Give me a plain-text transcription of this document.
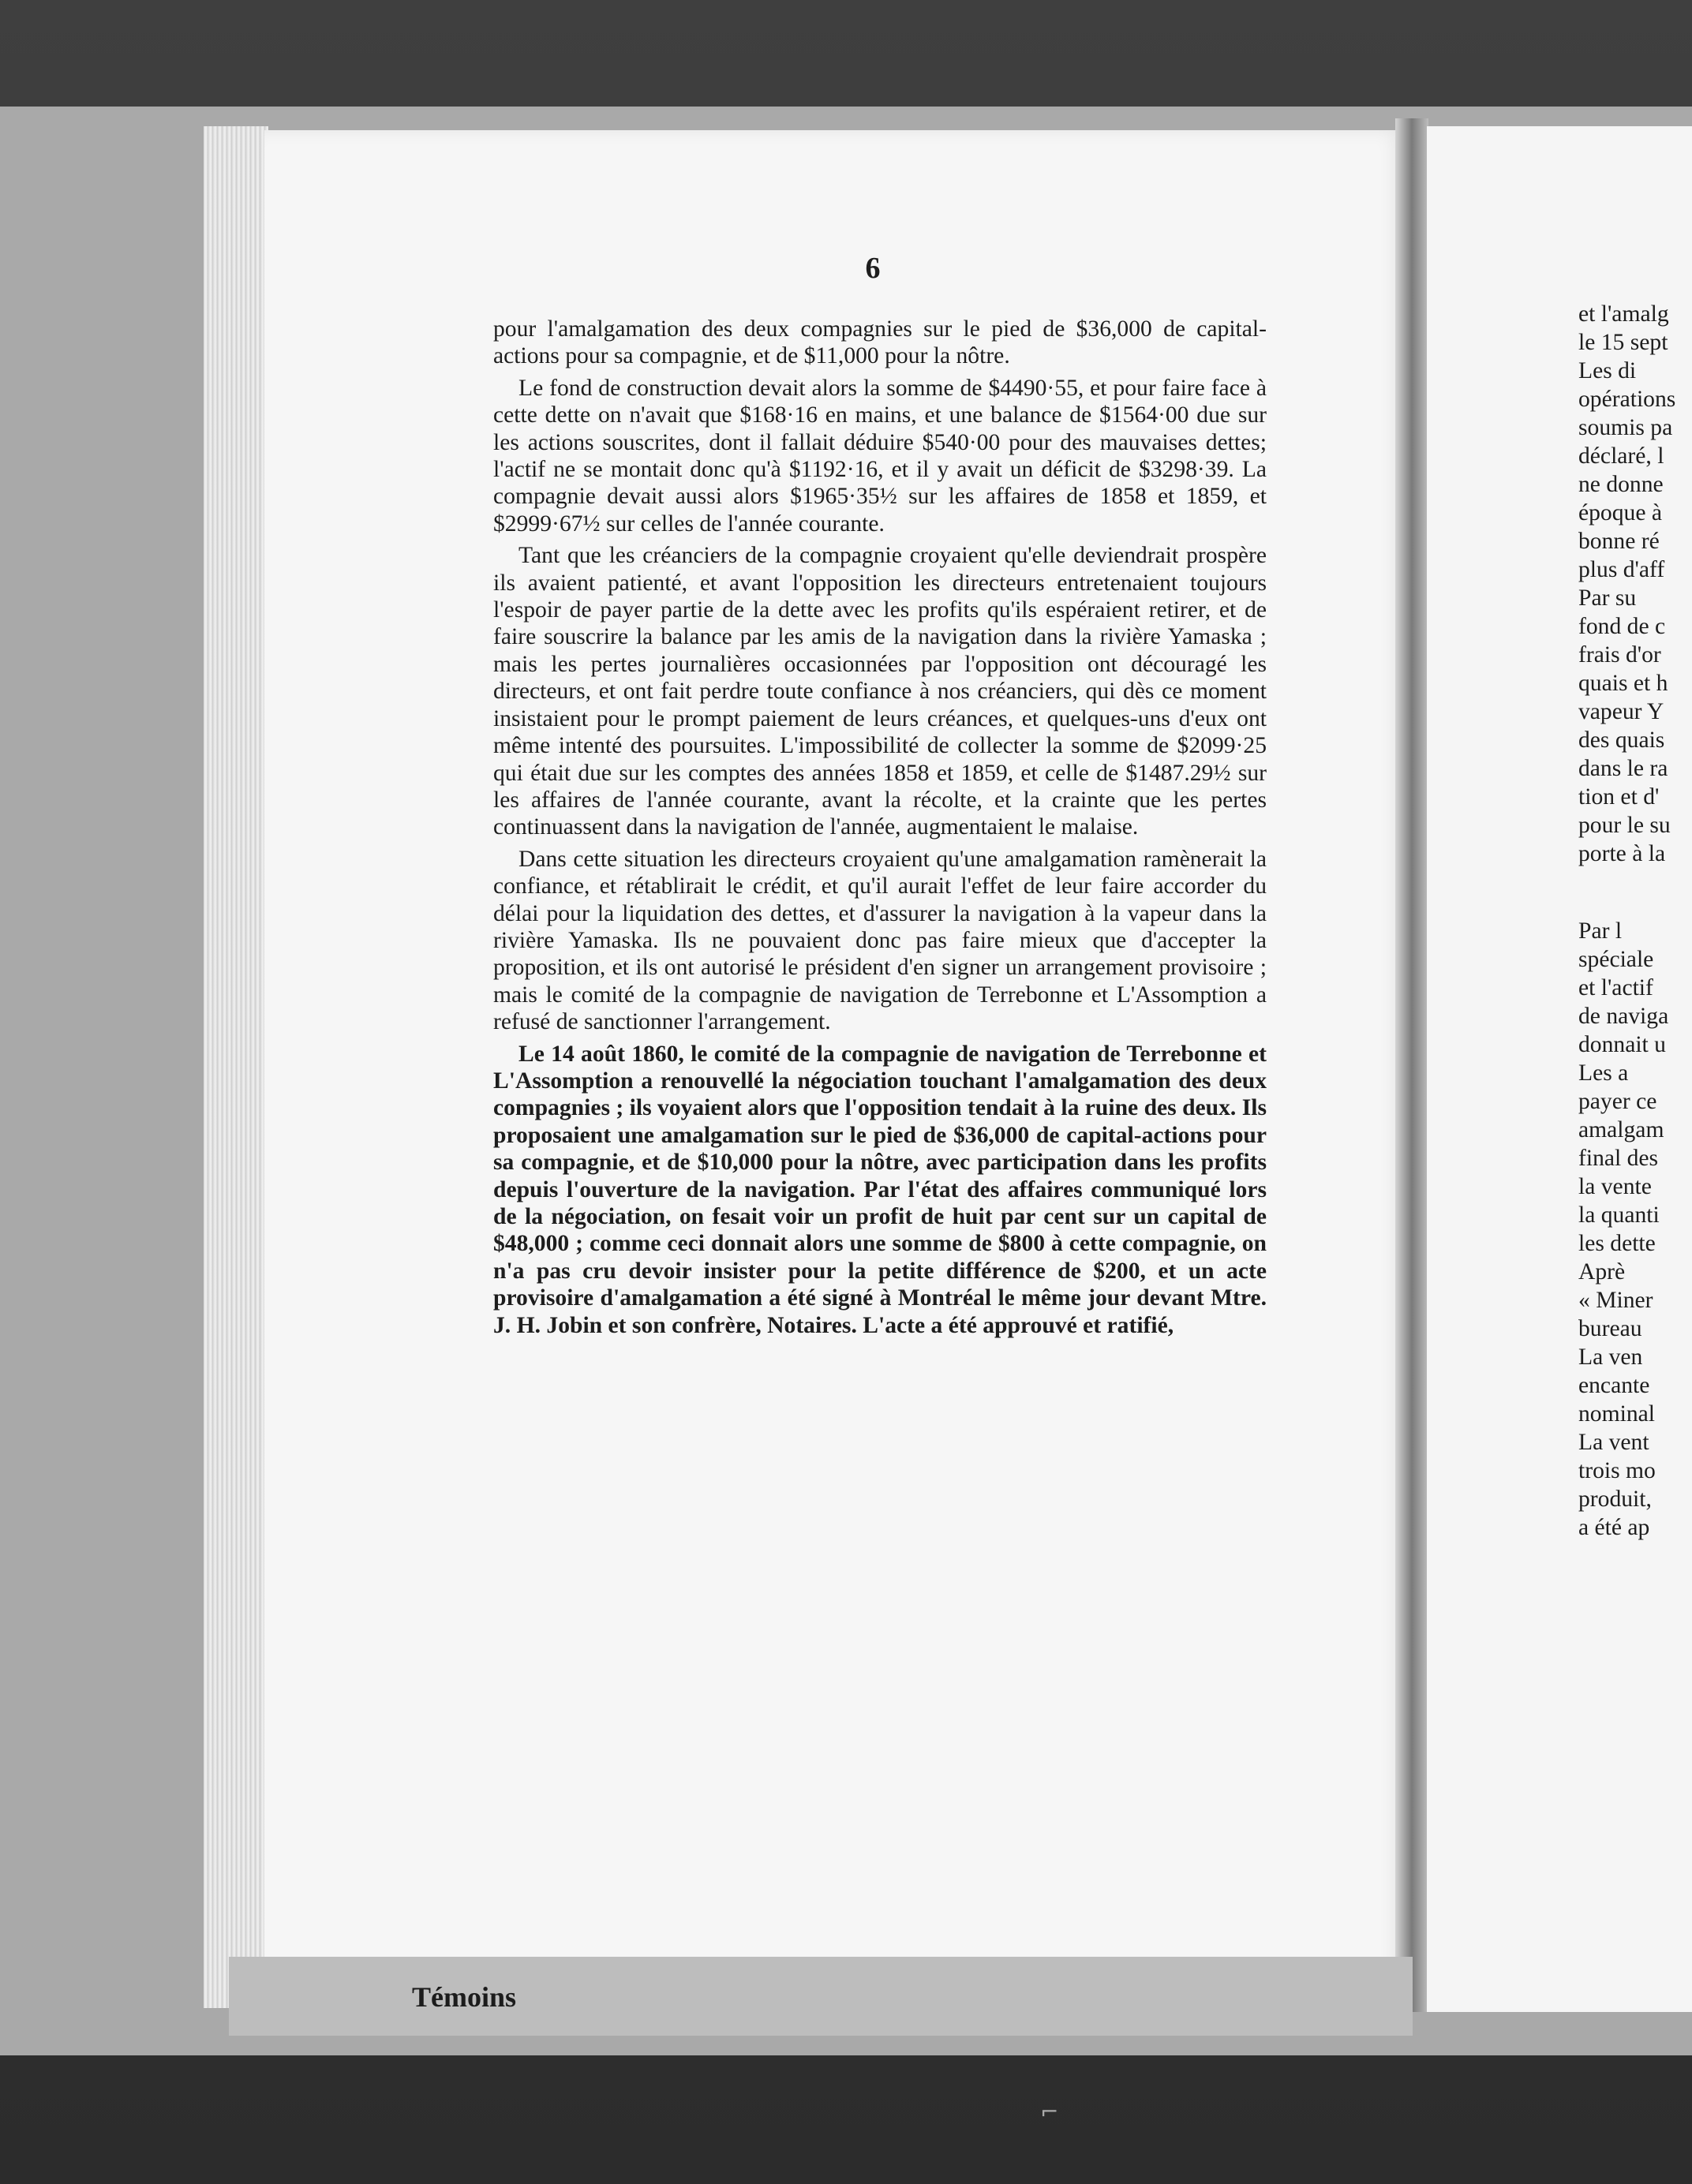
6

pour l'amalgamation des deux compagnies sur le pied de $36,000 de capital-actions pour sa compagnie, et de $11,000 pour la nôtre.

Le fond de construction devait alors la somme de $4490·55, et pour faire face à cette dette on n'avait que $168·16 en mains, et une balance de $1564·00 due sur les actions souscrites, dont il fallait déduire $540·00 pour des mauvaises dettes; l'actif ne se montait donc qu'à $1192·16, et il y avait un déficit de $3298·39. La compagnie devait aussi alors $1965·35½ sur les affaires de 1858 et 1859, et $2999·67½ sur celles de l'année courante.

Tant que les créanciers de la compagnie croyaient qu'elle deviendrait prospère ils avaient patienté, et avant l'opposition les directeurs entretenaient toujours l'espoir de payer partie de la dette avec les profits qu'ils espéraient retirer, et de faire souscrire la balance par les amis de la navigation dans la rivière Yamaska ; mais les pertes journalières occasionnées par l'opposition ont découragé les directeurs, et ont fait perdre toute confiance à nos créanciers, qui dès ce moment insistaient pour le prompt paiement de leurs créances, et quelques-uns d'eux ont même intenté des poursuites. L'impossibilité de collecter la somme de $2099·25 qui était due sur les comptes des années 1858 et 1859, et celle de $1487.29½ sur les affaires de l'année courante, avant la récolte, et la crainte que les pertes continuassent dans la navigation de l'année, augmentaient le malaise.

Dans cette situation les directeurs croyaient qu'une amalgamation ramènerait la confiance, et rétablirait le crédit, et qu'il aurait l'effet de leur faire accorder du délai pour la liquidation des dettes, et d'assurer la navigation à la vapeur dans la rivière Yamaska. Ils ne pouvaient donc pas faire mieux que d'accepter la proposition, et ils ont autorisé le président d'en signer un arrangement provisoire ; mais le comité de la compagnie de navigation de Terrebonne et L'Assomption a refusé de sanctionner l'arrangement.

Le 14 août 1860, le comité de la compagnie de navigation de Terrebonne et L'Assomption a renouvellé la négociation touchant l'amalgamation des deux compagnies ; ils voyaient alors que l'opposition tendait à la ruine des deux. Ils proposaient une amalgamation sur le pied de $36,000 de capital-actions pour sa compagnie, et de $10,000 pour la nôtre, avec participation dans les profits depuis l'ouverture de la navigation. Par l'état des affaires communiqué lors de la négociation, on fesait voir un profit de huit par cent sur un capital de $48,000 ; comme ceci donnait alors une somme de $800 à cette compagnie, on n'a pas cru devoir insister pour la petite différence de $200, et un acte provisoire d'amalgamation a été signé à Montréal le même jour devant Mtre. J. H. Jobin et son confrère, Notaires. L'acte a été approuvé et ratifié,

et l'amalg
le 15 sept
Les di
opérations
soumis pa
déclaré, l
ne donne
époque à
bonne ré
plus d'aff
Par su
fond de c
frais d'or
quais et h
vapeur Y
des quais
dans le ra
tion et d'
pour le su
porte à la
Par l
spéciale
et l'actif
de naviga
donnait u
Les a
payer ce
amalgam
final des
la vente
la quanti
les dette
Aprè
« Miner
bureau
La ven
encante
nominal
La vent
trois mo
produit,
a été ap
Témoins
⌐
